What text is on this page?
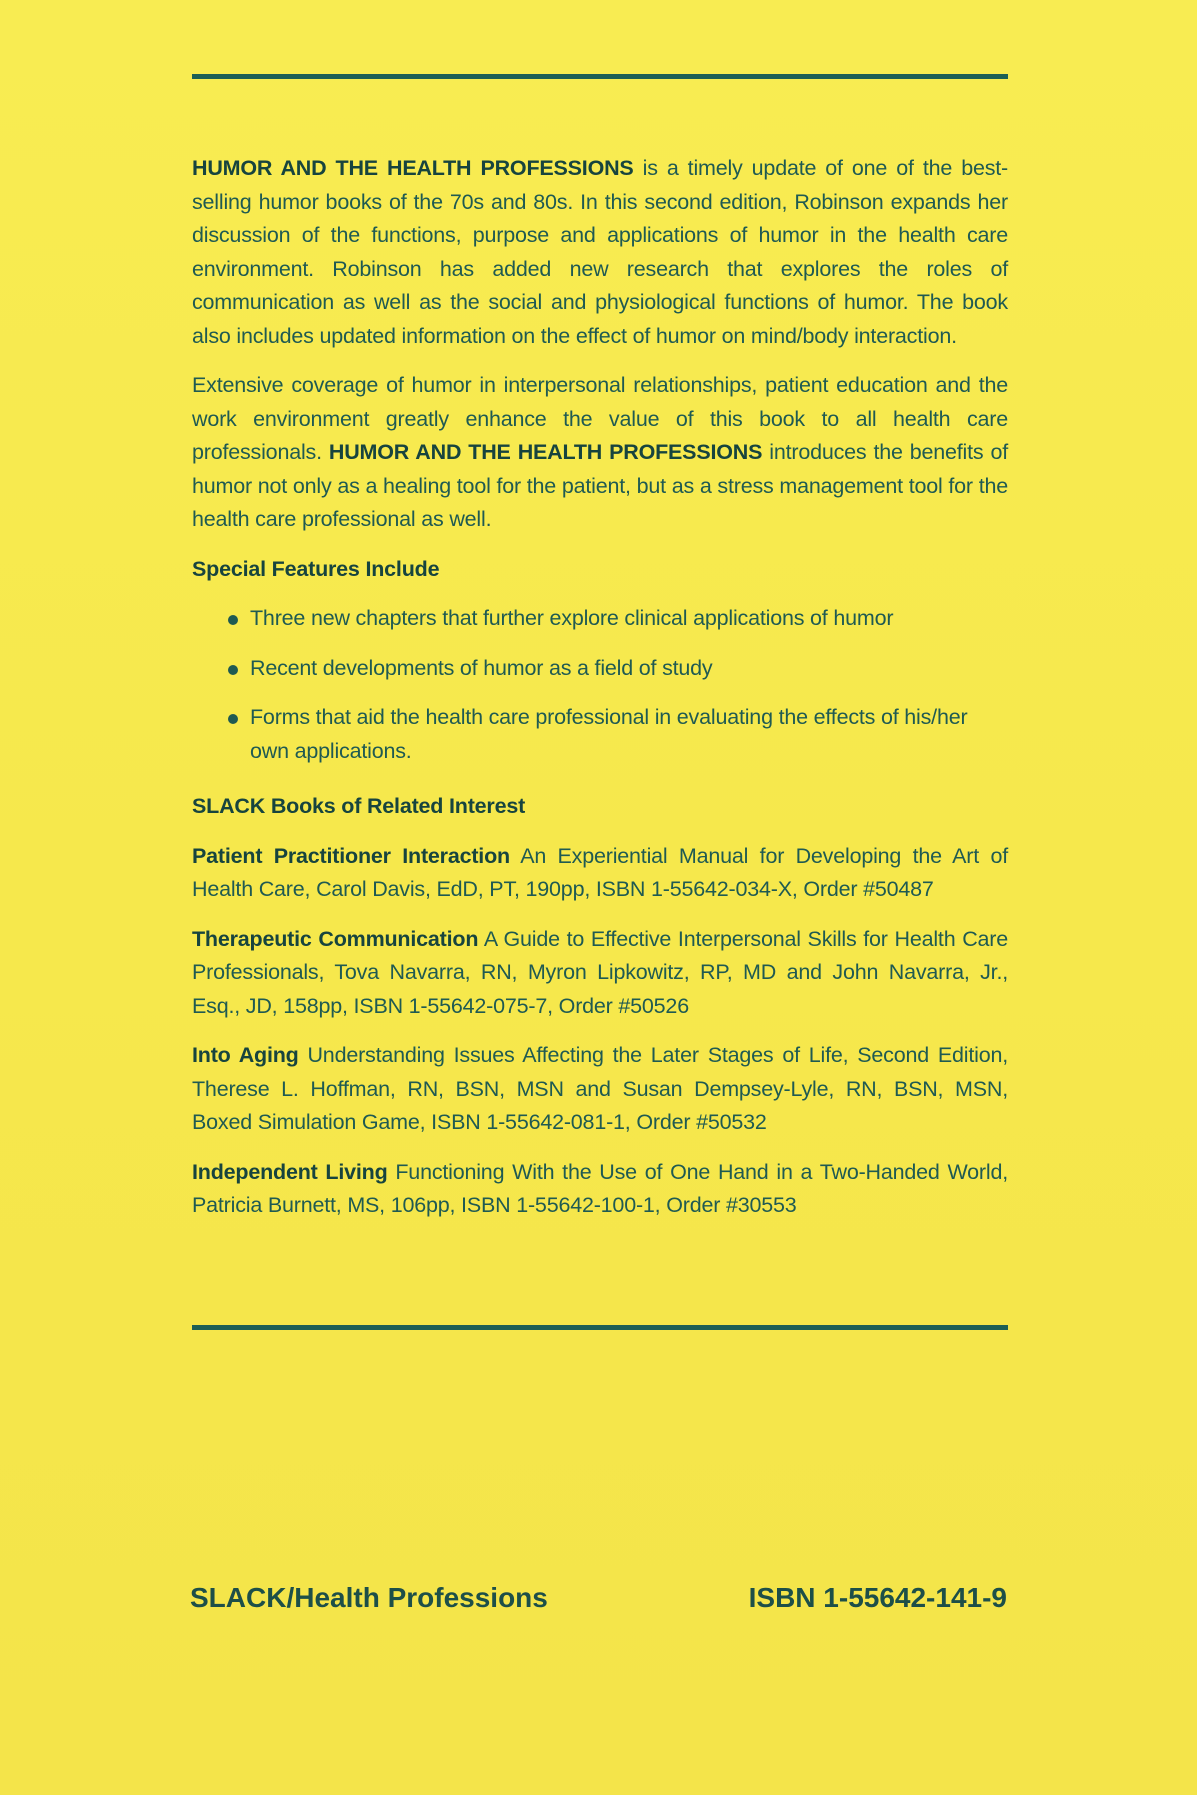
HUMOR AND THE HEALTH PROFESSIONS is a timely update of one of the best-selling humor books of the 70s and 80s. In this second edition, Robinson expands her discussion of the functions, purpose and applications of humor in the health care environment. Robinson has added new research that explores the roles of communication as well as the social and physiological functions of humor. The book also includes updated information on the effect of humor on mind/body interaction.

Extensive coverage of humor in interpersonal relationships, patient education and the work environment greatly enhance the value of this book to all health care professionals. HUMOR AND THE HEALTH PROFESSIONS introduces the benefits of humor not only as a healing tool for the patient, but as a stress management tool for the health care professional as well.

Special Features Include
Three new chapters that further explore clinical applications of humor
Recent developments of humor as a field of study
Forms that aid the health care professional in evaluating the effects of his/her own applications.
SLACK Books of Related Interest

Patient Practitioner Interaction An Experiential Manual for Developing the Art of Health Care, Carol Davis, EdD, PT, 190pp, ISBN 1-55642-034-X, Order #50487

Therapeutic Communication A Guide to Effective Interpersonal Skills for Health Care Professionals, Tova Navarra, RN, Myron Lipkowitz, RP, MD and John Navarra, Jr., Esq., JD, 158pp, ISBN 1-55642-075-7, Order #50526

Into Aging Understanding Issues Affecting the Later Stages of Life, Second Edition, Therese L. Hoffman, RN, BSN, MSN and Susan Dempsey-Lyle, RN, BSN, MSN, Boxed Simulation Game, ISBN 1-55642-081-1, Order #50532

Independent Living Functioning With the Use of One Hand in a Two-Handed World, Patricia Burnett, MS, 106pp, ISBN 1-55642-100-1, Order #30553

SLACK/Health Professions	ISBN 1-55642-141-9
